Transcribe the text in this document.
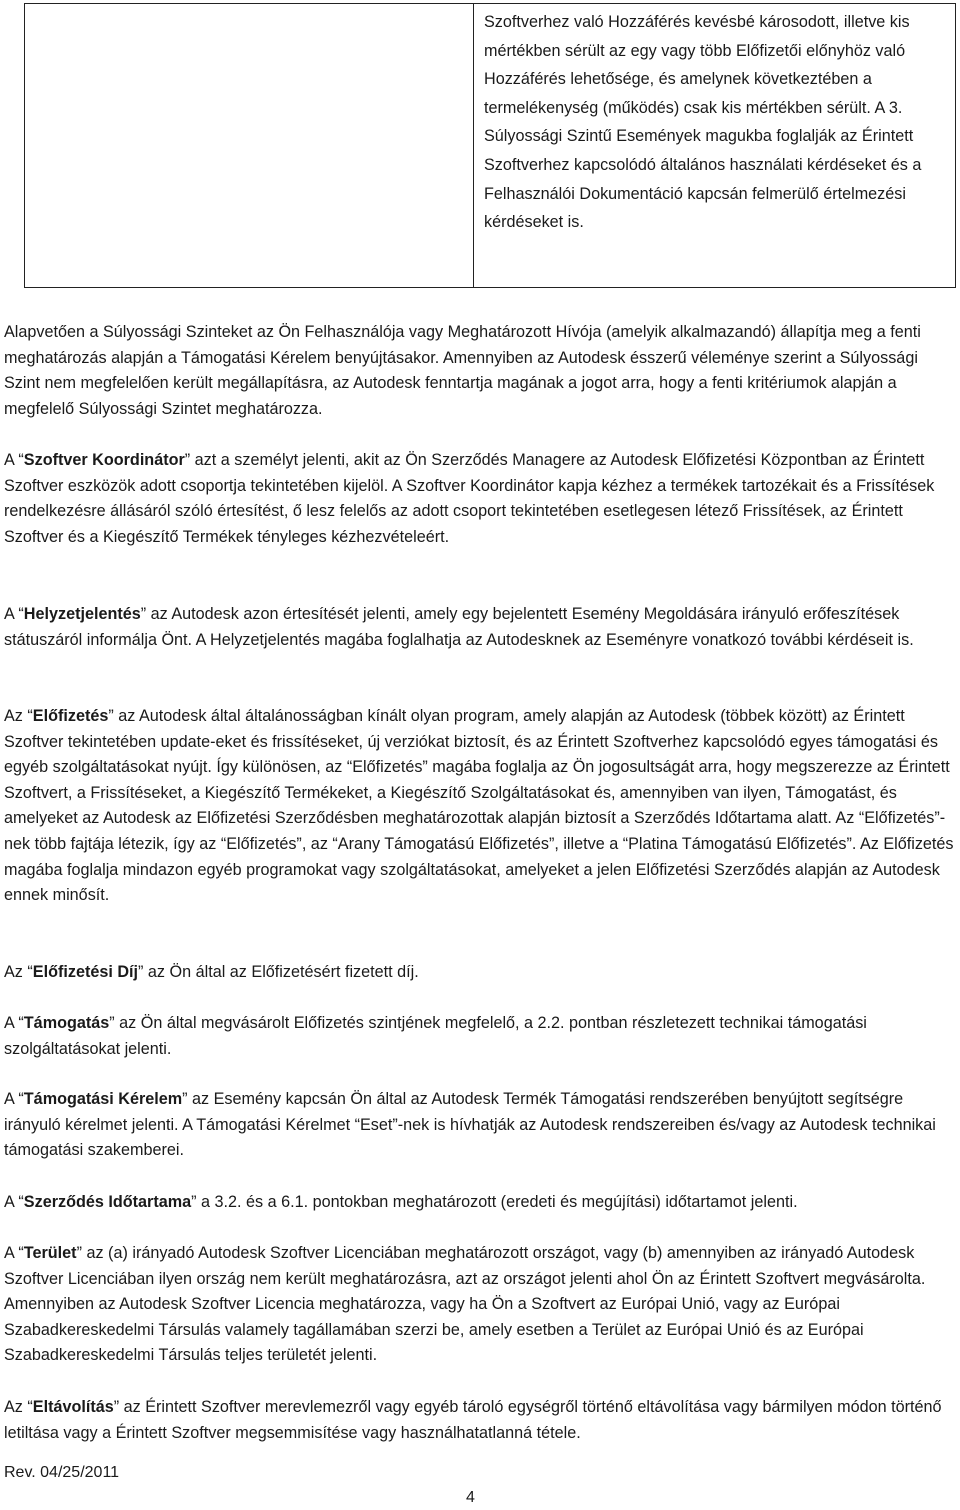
Szoftverhez való Hozzáférés kevésbé károsodott, illetve kis mértékben sérült az egy vagy több Előfizetői előnyhöz való Hozzáférés lehetősége, és amelynek következtében a termelékenység (működés) csak kis mértékben sérült. A 3. Súlyossági Szintű Események magukba foglalják az Érintett Szoftverhez kapcsolódó általános használati kérdéseket és a Felhasználói Dokumentáció kapcsán felmerülő értelmezési kérdéseket is.

Alapvetően a Súlyossági Szinteket az Ön Felhasználója vagy Meghatározott Hívója (amelyik alkalmazandó) állapítja meg a fenti meghatározás alapján a Támogatási Kérelem benyújtásakor. Amennyiben az Autodesk ésszerű véleménye szerint a Súlyossági Szint nem megfelelően került megállapításra, az Autodesk fenntartja magának a jogot arra, hogy a fenti kritériumok alapján a megfelelő Súlyossági Szintet meghatározza.

A “Szoftver Koordinátor” azt a személyt jelenti, akit az Ön Szerződés Managere az Autodesk Előfizetési Központban az Érintett Szoftver eszközök adott csoportja tekintetében kijelöl. A Szoftver Koordinátor kapja kézhez a termékek tartozékait és a Frissítések rendelkezésre állásáról szóló értesítést, ő lesz felelős az adott csoport tekintetében esetlegesen létező Frissítések, az Érintett Szoftver és a Kiegészítő Termékek tényleges kézhezvételeért.

A “Helyzetjelentés” az Autodesk azon értesítését jelenti, amely egy bejelentett Esemény Megoldására irányuló erőfeszítések státuszáról informálja Önt. A Helyzetjelentés magába foglalhatja az Autodesknek az Eseményre vonatkozó további kérdéseit is.

Az “Előfizetés” az Autodesk által általánosságban kínált olyan program, amely alapján az Autodesk (többek között) az Érintett Szoftver tekintetében update-eket és frissítéseket, új verziókat biztosít, és az Érintett Szoftverhez kapcsolódó egyes támogatási és egyéb szolgáltatásokat nyújt. Így különösen, az “Előfizetés” magába foglalja az Ön jogosultságát arra, hogy megszerezze az Érintett Szoftvert, a Frissítéseket, a Kiegészítő Termékeket, a Kiegészítő Szolgáltatásokat és, amennyiben van ilyen, Támogatást, és amelyeket az Autodesk az Előfizetési Szerződésben meghatározottak alapján biztosít a Szerződés Időtartama alatt. Az “Előfizetés”-nek több fajtája létezik, így az “Előfizetés”, az “Arany Támogatású Előfizetés”, illetve a “Platina Támogatású Előfizetés”. Az Előfizetés magába foglalja mindazon egyéb programokat vagy szolgáltatásokat, amelyeket a jelen Előfizetési Szerződés alapján az Autodesk ennek minősít.

Az “Előfizetési Díj” az Ön által az Előfizetésért fizetett díj.

A “Támogatás” az Ön által megvásárolt Előfizetés szintjének megfelelő, a 2.2. pontban részletezett technikai támogatási szolgáltatásokat jelenti.

A “Támogatási Kérelem” az Esemény kapcsán Ön által az Autodesk Termék Támogatási rendszerében benyújtott segítségre irányuló kérelmet jelenti. A Támogatási Kérelmet “Eset”-nek is hívhatják az Autodesk rendszereiben és/vagy az Autodesk technikai támogatási szakemberei.

A “Szerződés Időtartama” a 3.2. és a 6.1. pontokban meghatározott (eredeti és megújítási) időtartamot jelenti.

A “Terület” az (a) irányadó Autodesk Szoftver Licenciában meghatározott országot, vagy (b) amennyiben az irányadó Autodesk Szoftver Licenciában ilyen ország nem került meghatározásra, azt az országot jelenti ahol Ön az Érintett Szoftvert megvásárolta. Amennyiben az Autodesk Szoftver Licencia meghatározza, vagy ha Ön a Szoftvert az Európai Unió, vagy az Európai Szabadkereskedelmi Társulás valamely tagállamában szerzi be, amely esetben a Terület az Európai Unió és az Európai Szabadkereskedelmi Társulás teljes területét jelenti.

Az “Eltávolítás” az Érintett Szoftver merevlemezről vagy egyéb tároló egységről történő eltávolítása vagy bármilyen módon történő letiltása vagy a Érintett Szoftver megsemmisítése vagy használhatatlanná tétele.

Rev. 04/25/2011
4
